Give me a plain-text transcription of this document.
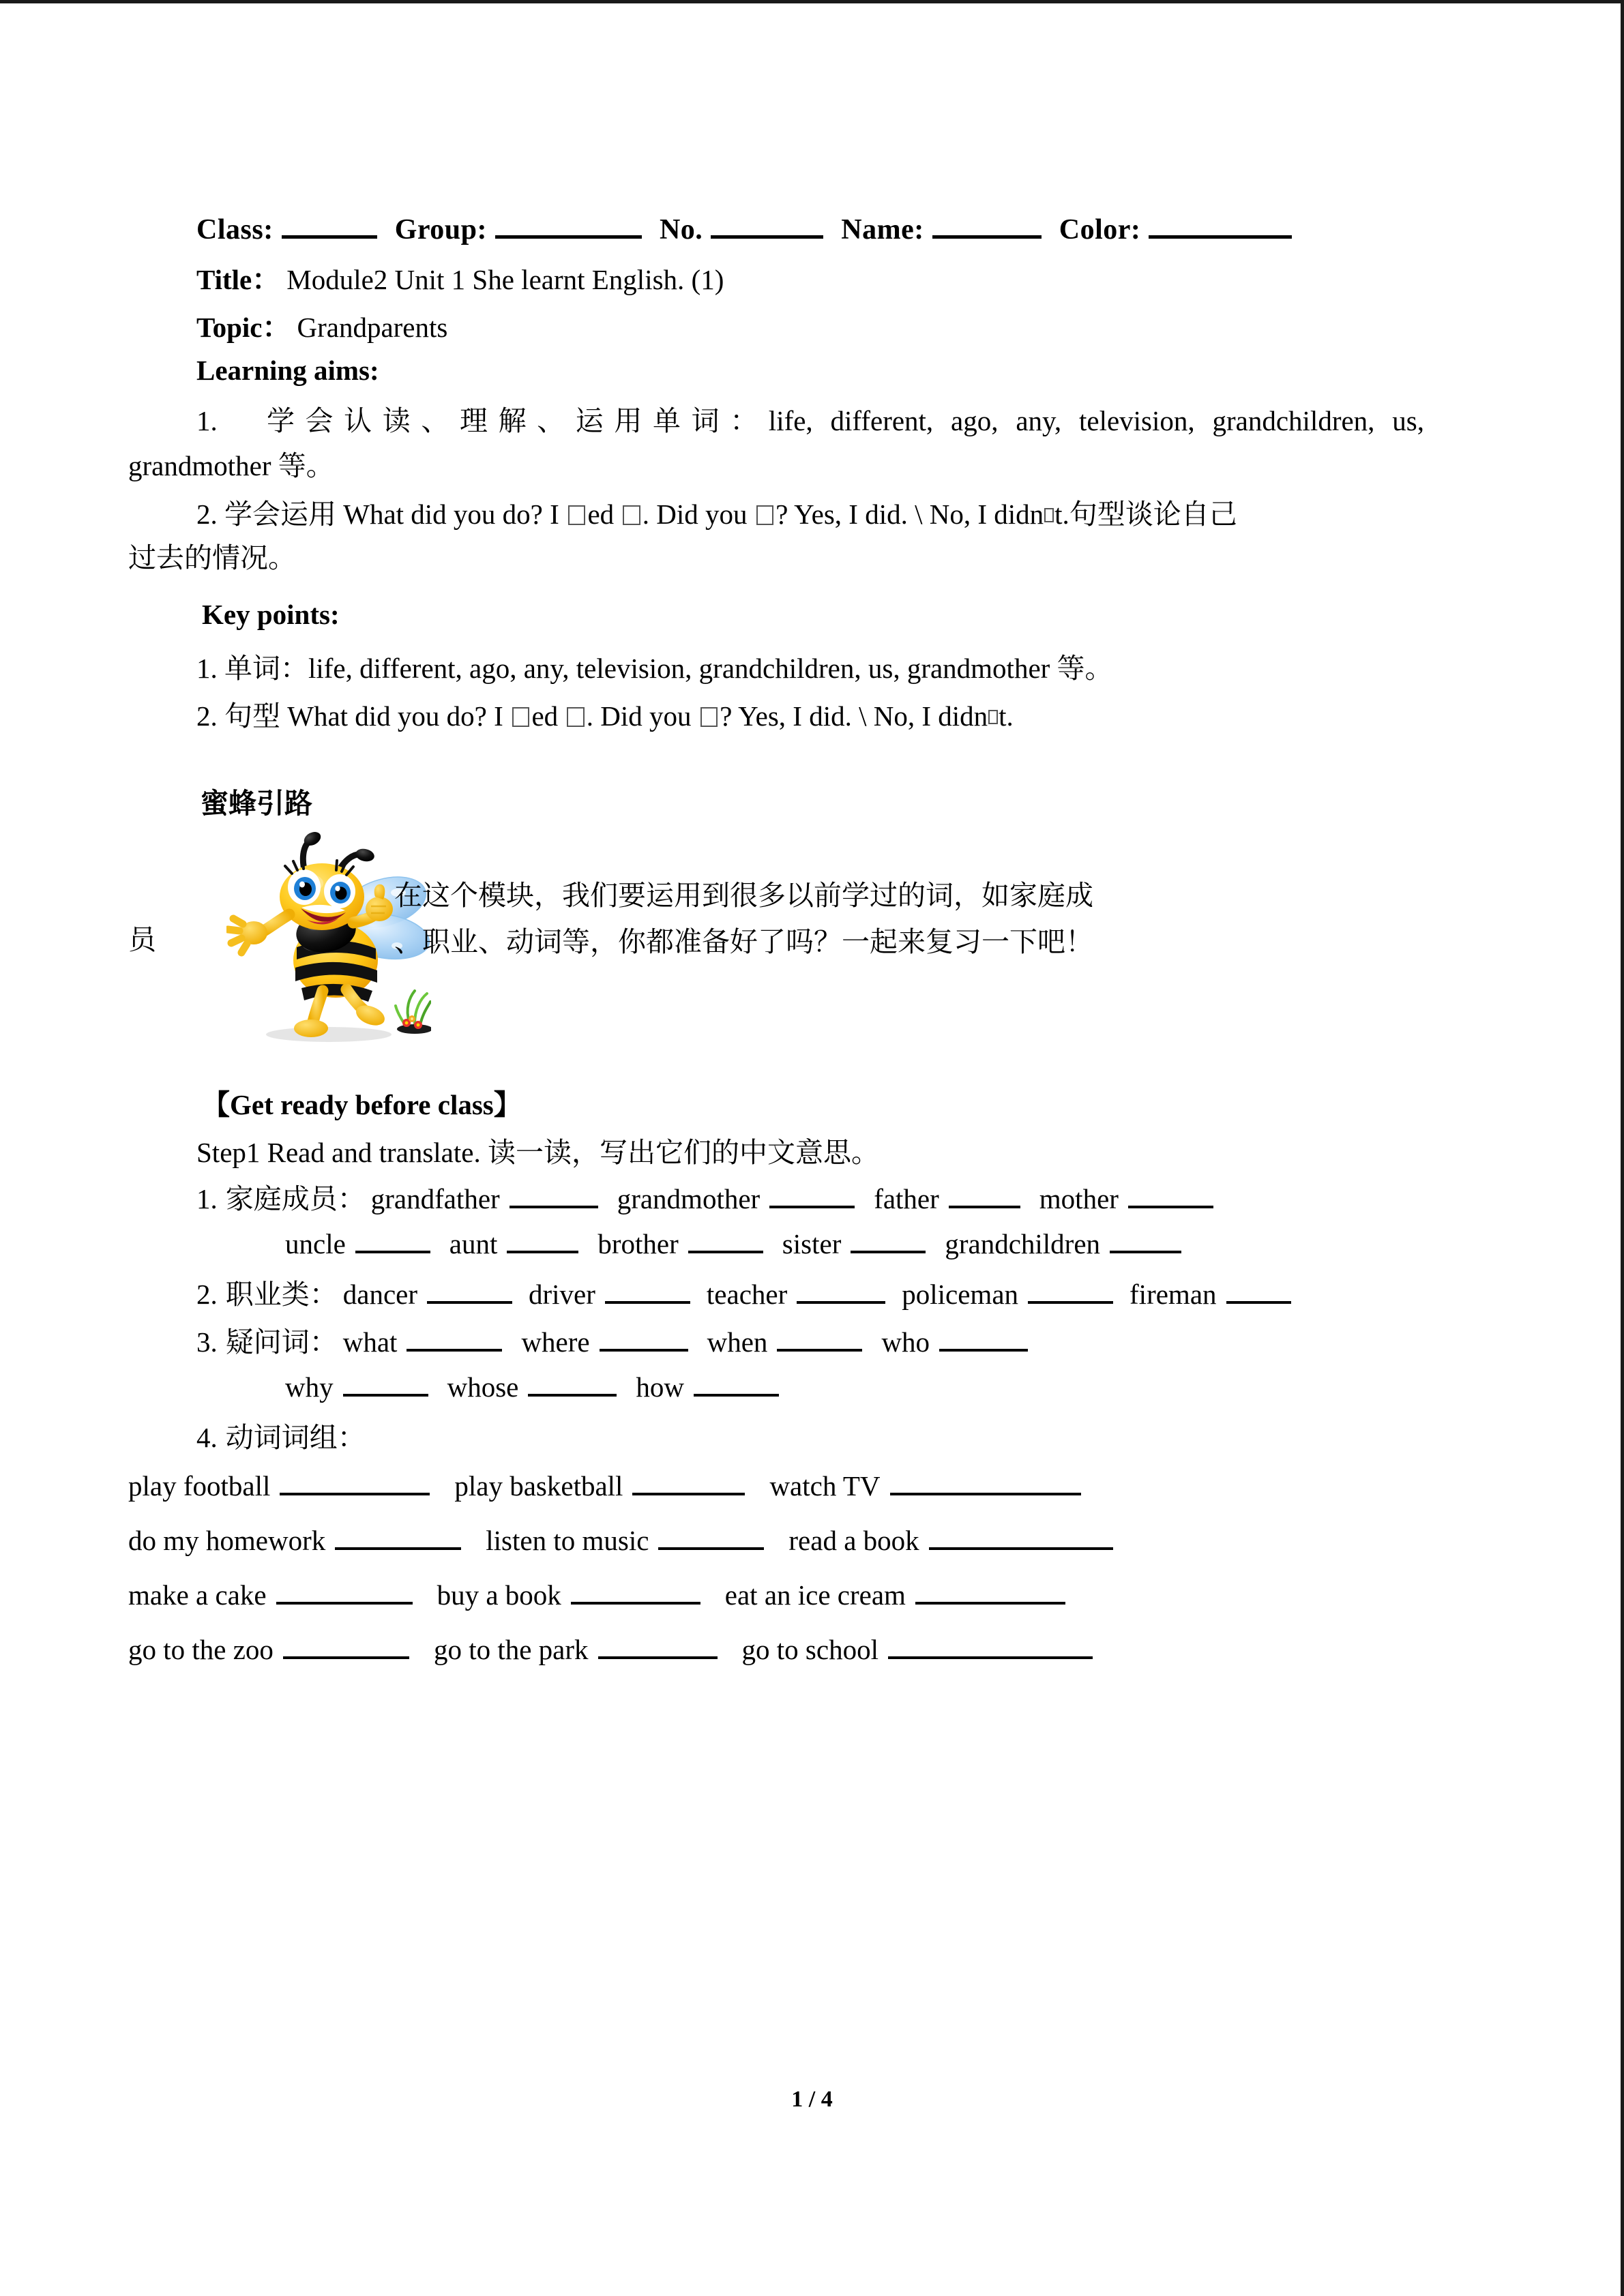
Class:	Group:	No.	Name:	Color:
Title： Module2 Unit 1 She learnt English. (1)
Topic： Grandparents
Learning aims:
1.　学会认读、理解、运用单词：life, different, ago, any, television, grandchildren, us,
grandmother 等。
2. 学会运用 What did you do? I ed . Did you ? Yes, I did. \ No, I didn t.句型谈论自己
过去的情况。
Key points:
1. 单词：life, different, ago, any, television, grandchildren, us, grandmother 等。
2. 句型 What did you do? I ed . Did you ? Yes, I did. \ No, I didn t.
蜜蜂引路
员
在这个模块，我们要运用到很多以前学过的词，如家庭成
、职业、动词等，你都准备好了吗？一起来复习一下吧！
【Get ready before class】
Step1 Read and translate. 读一读，写出它们的中文意思。
1. 家庭成员： grandfather	grandmother	father	mother
uncle	aunt	brother	sister	grandchildren
2. 职业类： dancer	driver	teacher	policeman	fireman
3. 疑问词： what	where	when	who
why	whose	how
4. 动词词组：
play football	play basketball	watch TV
do my homework	listen to music	read a book
make a cake	buy a book	eat an ice cream
go to the zoo	go to the park	go to school
1 / 4
